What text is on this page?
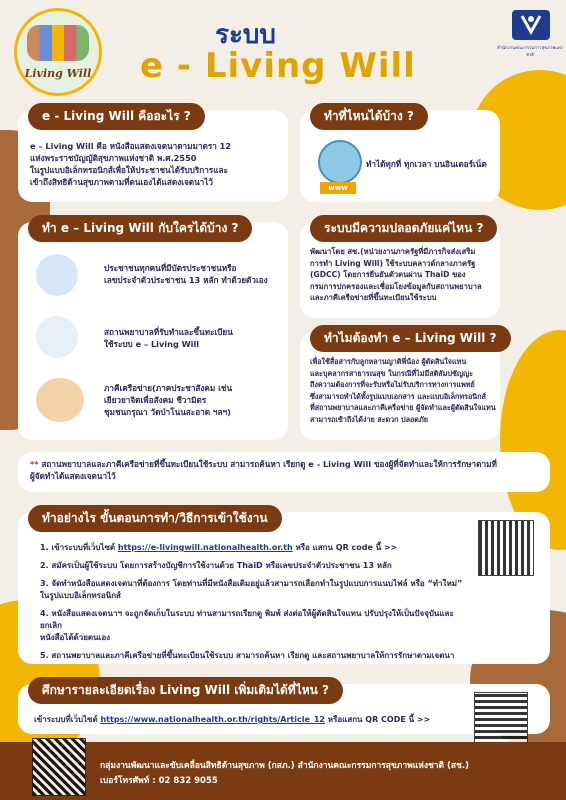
Living Will
สำนักงานคณะกรรมการสุขภาพแห่งชาติ
ระบบ
e - Living Will
e - Living Will คืออะไร ?
e – Living Will คือ หนังสือแสดงเจตนาตามมาตรา 12
แห่งพระราชบัญญัติสุขภาพแห่งชาติ พ.ศ.2550
ในรูปแบบอิเล็กทรอนิกส์เพื่อให้ประชาชนได้รับบริการและ
เข้าถึงสิทธิด้านสุขภาพตามที่ตนเองได้แสดงเจตนาไว้
ทำที่ไหนได้บ้าง ?
www
ทำได้ทุกที่ ทุกเวลา บนอินเตอร์เน็ต
ทำ e – Living Will กับใครได้บ้าง ?
ประชาชนทุกคนที่มีบัตรประชาชนหรือ
เลขประจำตัวประชาชน 13 หลัก ทำด้วยตัวเอง
สถานพยาบาลที่รับทำและขึ้นทะเบียน
ใช้ระบบ e – Living Will
ภาคีเครือข่าย(ภาคประชาสังคม เช่น
เยียวยาจิตเพื่อสังคม ชีวามิตร
ชุมชนกรุณา วัดป่าโนนสะอาด ฯลฯ)
ระบบมีความปลอดภัยแค่ไหน ?
พัฒนาโดย สช.(หน่วยงานภาครัฐที่มีภารกิจส่งเสริม
การทำ Living Will) ใช้ระบบคลาวด์กลางภาครัฐ
(GDCC) โดยการยืนยันตัวตนผ่าน ThaiD ของ
กรมการปกครองและเชื่อมโยงข้อมูลกับสถานพยาบาล
และภาคีเครือข่ายที่ขึ้นทะเบียนใช้ระบบ
ทำไมต้องทำ e – Living Will ?
เพื่อใช้สื่อสารกับลูกหลานญาติพี่น้อง ผู้ตัดสินใจแทน
และบุคลากรสาธารณสุข ในกรณีที่ไม่มีสติสัมปชัญญะ
ถึงความต้องการที่จะรับหรือไม่รับบริการทางการแพทย์
ซึ่งสามารถทำได้ทั้งรูปแบบเอกสาร และแบบอิเล็กทรอนิกส์
ที่สถานพยาบาลและภาคีเครือข่าย ผู้จัดทำและผู้ตัดสินใจแทน
สามารถเข้าถึงได้ง่าย สะดวก ปลอดภัย
** สถานพยาบาลและภาคีเครือข่ายที่ขึ้นทะเบียนใช้ระบบ สามารถค้นหา เรียกดู e - Living Will ของผู้ที่จัดทำและให้การรักษาตามที่
ผู้จัดทำได้แสดงเจตนาไว้
ทำอย่างไร ขั้นตอนการทำ/วิธีการเข้าใช้งาน
1. เข้าระบบที่เว็บไซต์ https://e-livingwill.nationalhealth.or.th หรือ แสกน QR code นี้ >>
2. สมัครเป็นผู้ใช้ระบบ โดยการสร้างบัญชีการใช้งานด้วย ThaiD หรือเลขประจำตัวประชาชน 13 หลัก
3. จัดทำหนังสือแสดงเจตนาที่ต้องการ โดยท่านที่มีหนังสือเดิมอยู่แล้วสามารถเลือกทำในรูปแบบการแนบไฟล์ หรือ “ทำใหม่”
ในรูปแบบอิเล็กทรอนิกส์
4. หนังสือแสดงเจตนาฯ จะถูกจัดเก็บในระบบ ท่านสามารถเรียกดู พิมพ์ ส่งต่อให้ผู้ตัดสินใจแทน ปรับปรุงให้เป็นปัจจุบันและยกเลิก
หนังสือได้ด้วยตนเอง
5. สถานพยาบาลและภาคีเครือข่ายที่ขึ้นทะเบียนใช้ระบบ สามารถค้นหา เรียกดู และสถานพยาบาลให้การรักษาตามเจตนา
ศึกษารายละเอียดเรื่อง Living Will เพิ่มเติมได้ที่ไหน ?
เข้าระบบที่เว็บไซต์ https://www.nationalhealth.or.th/rights/Article_12 หรือแสกน QR CODE นี้ >>
กลุ่มงานพัฒนาและขับเคลื่อนสิทธิด้านสุขภาพ (กสภ.) สำนักงานคณะกรรมการสุขภาพแห่งชาติ (สช.)
เบอร์โทรศัพท์ : 02 832 9055
